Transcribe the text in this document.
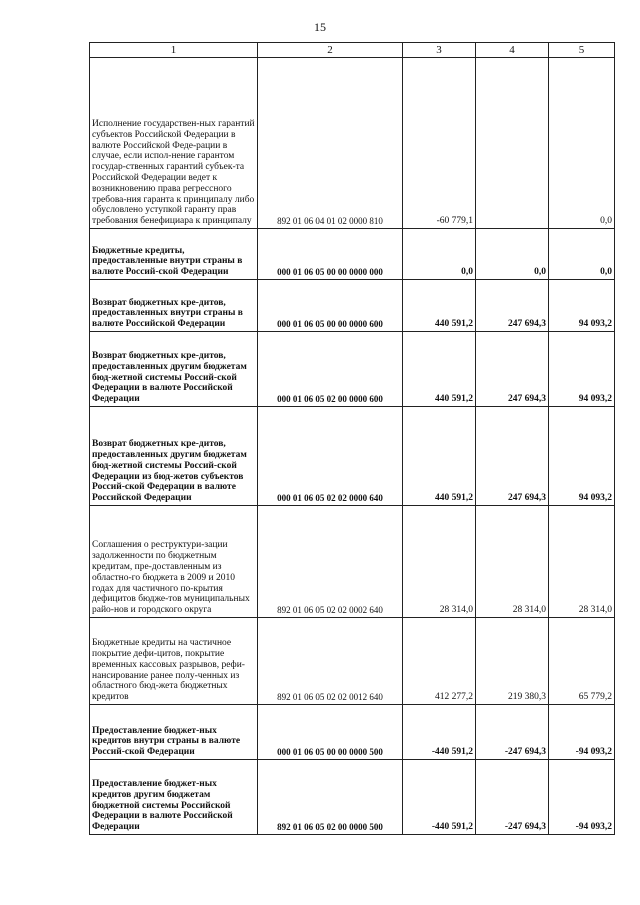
15
1	2	3	4	5
Исполнение государствен-ных гарантий субъектов Российской Федерации в валюте Российской Феде-рации в случае, если испол-нение гарантом государ-ственных гарантий субъек-та Российской Федерации ведет к возникновению права регрессного требова-ния гаранта к принципалу либо обусловлено уступкой гаранту прав требования бенефициара к принципалу	892 01 06 04 01 02 0000 810	-60 779,1		0,0
Бюджетные кредиты, предоставленные внутри страны в валюте Россий-ской Федерации	000 01 06 05 00 00 0000 000	0,0	0,0	0,0
Возврат бюджетных кре-дитов, предоставленных внутри страны в валюте Российской Федерации	000 01 06 05 00 00 0000 600	440 591,2	247 694,3	94 093,2
Возврат бюджетных кре-дитов, предоставленных другим бюджетам бюд-жетной системы Россий-ской Федерации в валюте Российской Федерации	000 01 06 05 02 00 0000 600	440 591,2	247 694,3	94 093,2
Возврат бюджетных кре-дитов, предоставленных другим бюджетам бюд-жетной системы Россий-ской Федерации из бюд-жетов субъектов Россий-ской Федерации в валюте Российской Федерации	000 01 06 05 02 02 0000 640	440 591,2	247 694,3	94 093,2
Соглашения о реструктури-зации задолженности по бюджетным кредитам, пре-доставленным из областно-го бюджета в 2009 и 2010 годах для частичного по-крытия дефицитов бюдже-тов муниципальных райо-нов и городского округа	892 01 06 05 02 02 0002 640	28 314,0	28 314,0	28 314,0
Бюджетные кредиты на частичное покрытие дефи-цитов, покрытие временных кассовых разрывов, рефи-нансирование ранее полу-ченных из областного бюд-жета бюджетных кредитов	892 01 06 05 02 02 0012 640	412 277,2	219 380,3	65 779,2
Предоставление бюджет-ных кредитов внутри страны в валюте Россий-ской Федерации	000 01 06 05 00 00 0000 500	-440 591,2	-247 694,3	-94 093,2
Предоставление бюджет-ных кредитов другим бюджетам бюджетной системы Российской Федерации в валюте Российской Федерации	892 01 06 05 02 00 0000 500	-440 591,2	-247 694,3	-94 093,2
